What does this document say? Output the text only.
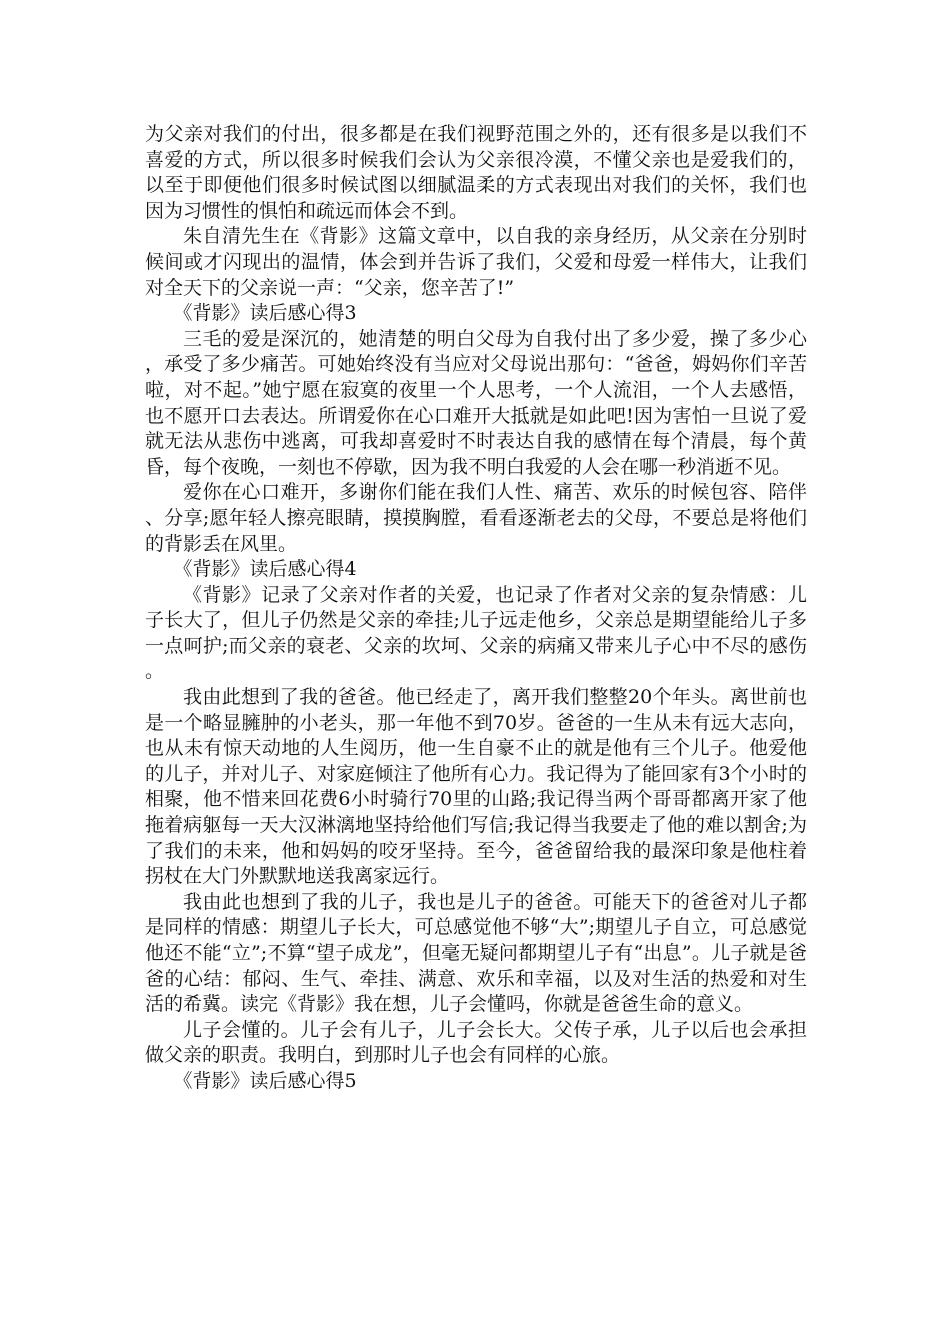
为父亲对我们的付出，很多都是在我们视野范围之外的，还有很多是以我们不喜爱的方式，所以很多时候我们会认为父亲很冷漠，不懂父亲也是爱我们的，以至于即便他们很多时候试图以细腻温柔的方式表现出对我们的关怀，我们也因为习惯性的惧怕和疏远而体会不到。

朱自清先生在《背影》这篇文章中，以自我的亲身经历，从父亲在分别时候间或才闪现出的温情，体会到并告诉了我们，父爱和母爱一样伟大，让我们对全天下的父亲说一声：“父亲，您辛苦了!”

《背影》读后感心得3

三毛的爱是深沉的，她清楚的明白父母为自我付出了多少爱，操了多少心，承受了多少痛苦。可她始终没有当应对父母说出那句：“爸爸，姆妈你们辛苦啦，对不起。”她宁愿在寂寞的夜里一个人思考，一个人流泪，一个人去感悟，也不愿开口去表达。所谓爱你在心口难开大抵就是如此吧!因为害怕一旦说了爱就无法从悲伤中逃离，可我却喜爱时不时表达自我的感情在每个清晨，每个黄昏，每个夜晚，一刻也不停歇，因为我不明白我爱的人会在哪一秒消逝不见。

爱你在心口难开，多谢你们能在我们人性、痛苦、欢乐的时候包容、陪伴、分享;愿年轻人擦亮眼睛，摸摸胸膛，看看逐渐老去的父母，不要总是将他们的背影丢在风里。

《背影》读后感心得4

《背影》记录了父亲对作者的关爱，也记录了作者对父亲的复杂情感：儿子长大了，但儿子仍然是父亲的牵挂;儿子远走他乡，父亲总是期望能给儿子多一点呵护;而父亲的衰老、父亲的坎坷、父亲的病痛又带来儿子心中不尽的感伤。

我由此想到了我的爸爸。他已经走了，离开我们整整20个年头。离世前也是一个略显臃肿的小老头，那一年他不到70岁。爸爸的一生从未有远大志向，也从未有惊天动地的人生阅历，他一生自豪不止的就是他有三个儿子。他爱他的儿子，并对儿子、对家庭倾注了他所有心力。我记得为了能回家有3个小时的相聚，他不惜来回花费6小时骑行70里的山路;我记得当两个哥哥都离开家了他拖着病躯每一天大汉淋漓地坚持给他们写信;我记得当我要走了他的难以割舍;为了我们的未来，他和妈妈的咬牙坚持。至今，爸爸留给我的最深印象是他柱着拐杖在大门外默默地送我离家远行。

我由此也想到了我的儿子，我也是儿子的爸爸。可能天下的爸爸对儿子都是同样的情感：期望儿子长大，可总感觉他不够“大”;期望儿子自立，可总感觉他还不能“立”;不算“望子成龙”，但毫无疑问都期望儿子有“出息”。儿子就是爸爸的心结：郁闷、生气、牵挂、满意、欢乐和幸福，以及对生活的热爱和对生活的希冀。读完《背影》我在想，儿子会懂吗，你就是爸爸生命的意义。

儿子会懂的。儿子会有儿子，儿子会长大。父传子承，儿子以后也会承担做父亲的职责。我明白，到那时儿子也会有同样的心旅。

《背影》读后感心得5
